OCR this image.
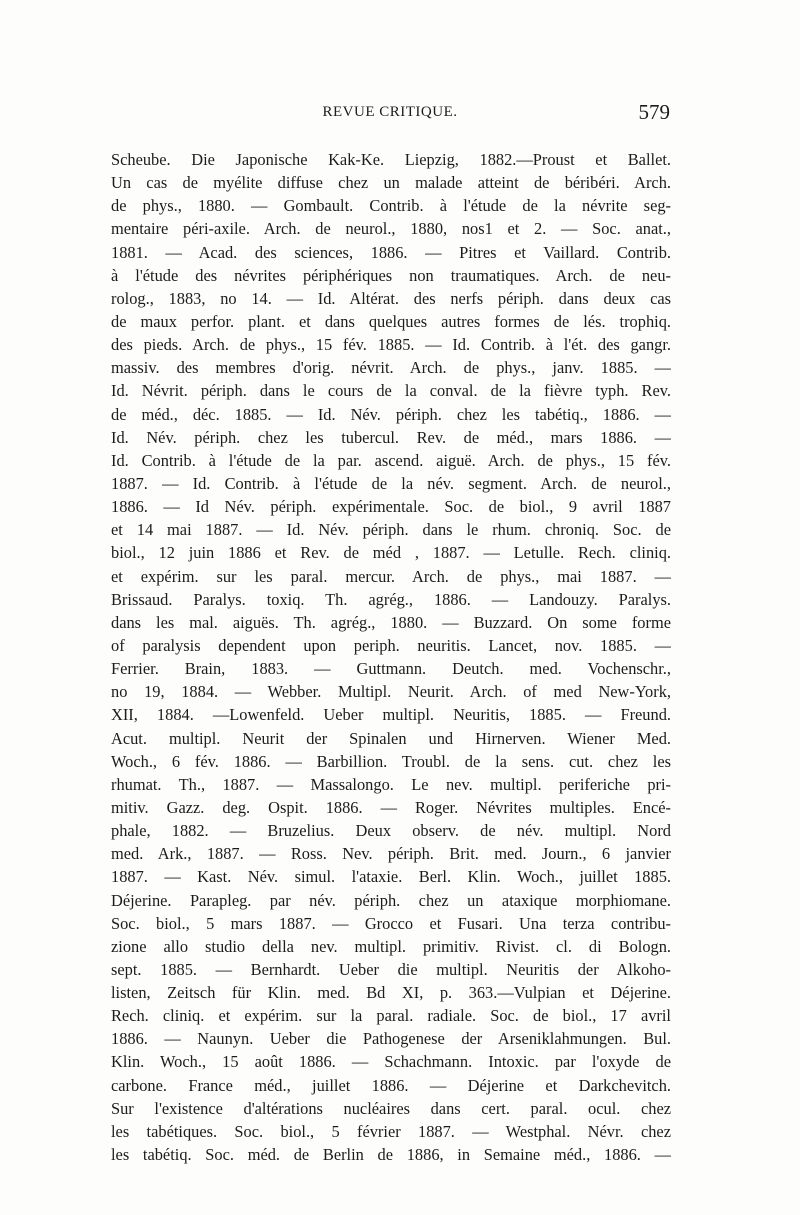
REVUE CRITIQUE.	579
Scheube. Die Japonische Kak-Ke. Liepzig, 1882.—Proust et Ballet.
Un cas de myélite diffuse chez un malade atteint de béribéri. Arch.
de phys., 1880. — Gombault. Contrib. à l'étude de la névrite seg-
mentaire péri-axile. Arch. de neurol., 1880, nos1 et 2. — Soc. anat.,
1881. — Acad. des sciences, 1886. — Pitres et Vaillard. Contrib.
à l'étude des névrites périphériques non traumatiques. Arch. de neu-
rolog., 1883, no 14. — Id. Altérat. des nerfs périph. dans deux cas
de maux perfor. plant. et dans quelques autres formes de lés. trophiq.
des pieds. Arch. de phys., 15 fév. 1885. — Id. Contrib. à l'ét. des gangr.
massiv. des membres d'orig. névrit. Arch. de phys., janv. 1885. —
Id. Névrit. périph. dans le cours de la conval. de la fièvre typh. Rev.
de méd., déc. 1885. — Id. Név. périph. chez les tabétiq., 1886. —
Id. Név. périph. chez les tubercul. Rev. de méd., mars 1886. —
Id. Contrib. à l'étude de la par. ascend. aiguë. Arch. de phys., 15 fév.
1887. — Id. Contrib. à l'étude de la név. segment. Arch. de neurol.,
1886. — Id Név. périph. expérimentale. Soc. de biol., 9 avril 1887
et 14 mai 1887. — Id. Név. périph. dans le rhum. chroniq. Soc. de
biol., 12 juin 1886 et Rev. de méd , 1887. — Letulle. Rech. cliniq.
et expérim. sur les paral. mercur. Arch. de phys., mai 1887. —
Brissaud. Paralys. toxiq. Th. agrég., 1886. — Landouzy. Paralys.
dans les mal. aiguës. Th. agrég., 1880. — Buzzard. On some forme
of paralysis dependent upon periph. neuritis. Lancet, nov. 1885. —
Ferrier. Brain, 1883. — Guttmann. Deutch. med. Vochenschr.,
no 19, 1884. — Webber. Multipl. Neurit. Arch. of med New-York,
XII, 1884. —Lowenfeld. Ueber multipl. Neuritis, 1885. — Freund.
Acut. multipl. Neurit der Spinalen und Hirnerven. Wiener Med.
Woch., 6 fév. 1886. — Barbillion. Troubl. de la sens. cut. chez les
rhumat. Th., 1887. — Massalongo. Le nev. multipl. periferiche pri-
mitiv. Gazz. deg. Ospit. 1886. — Roger. Névrites multiples. Encé-
phale, 1882. — Bruzelius. Deux observ. de név. multipl. Nord
med. Ark., 1887. — Ross. Nev. périph. Brit. med. Journ., 6 janvier
1887. — Kast. Név. simul. l'ataxie. Berl. Klin. Woch., juillet 1885.
Déjerine. Parapleg. par név. périph. chez un ataxique morphiomane.
Soc. biol., 5 mars 1887. — Grocco et Fusari. Una terza contribu-
zione allo studio della nev. multipl. primitiv. Rivist. cl. di Bologn.
sept. 1885. — Bernhardt. Ueber die multipl. Neuritis der Alkoho-
listen, Zeitsch für Klin. med. Bd XI, p. 363.—Vulpian et Déjerine.
Rech. cliniq. et expérim. sur la paral. radiale. Soc. de biol., 17 avril
1886. — Naunyn. Ueber die Pathogenese der Arseniklahmungen. Bul.
Klin. Woch., 15 août 1886. — Schachmann. Intoxic. par l'oxyde de
carbone. France méd., juillet 1886. — Déjerine et Darkchevitch.
Sur l'existence d'altérations nucléaires dans cert. paral. ocul. chez
les tabétiques. Soc. biol., 5 février 1887. — Westphal. Névr. chez
les tabétiq. Soc. méd. de Berlin de 1886, in Semaine méd., 1886. —
